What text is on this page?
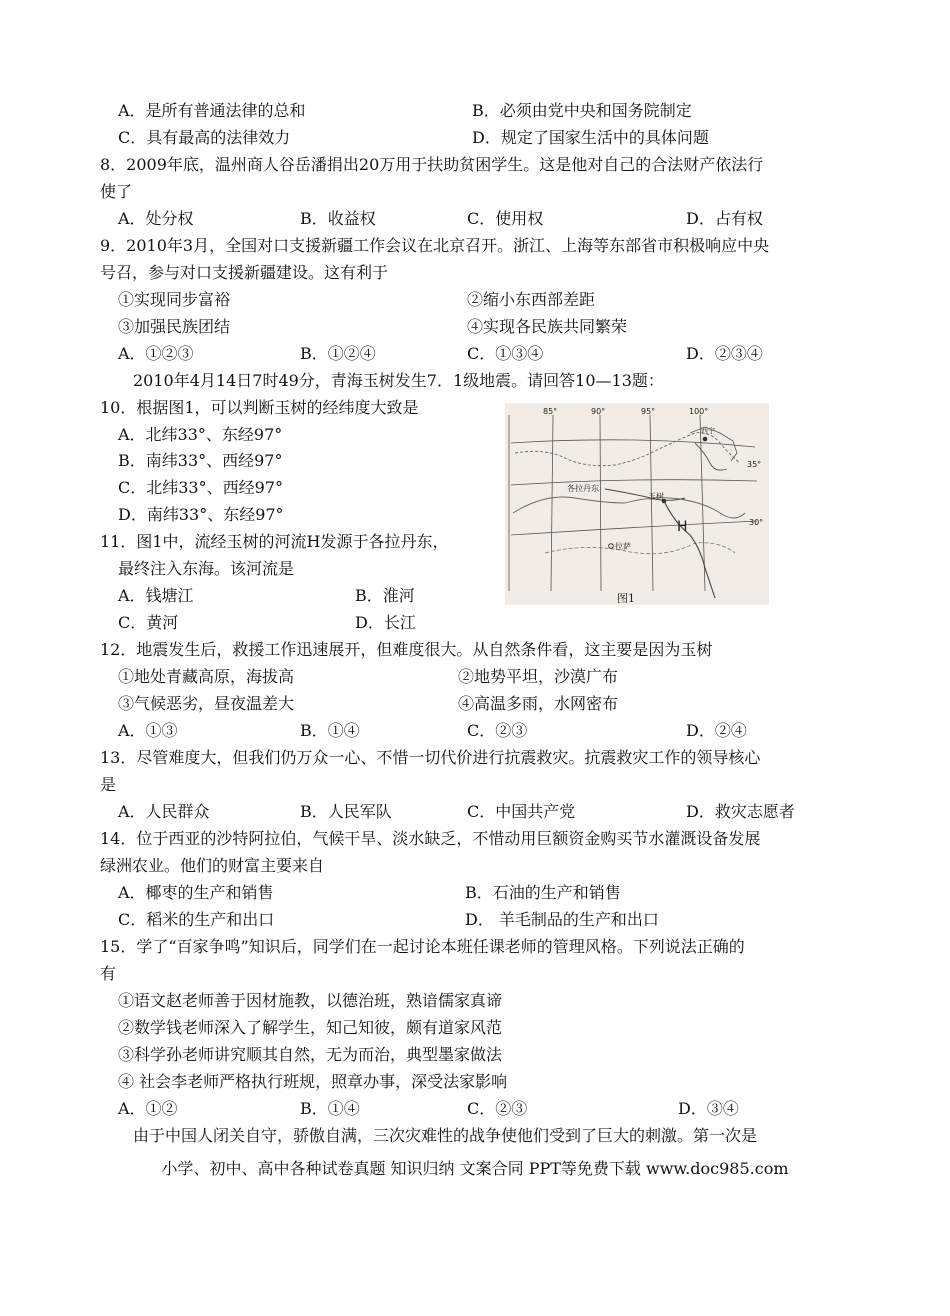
A．是所有普通法律的总和	B．必须由党中央和国务院制定
C．具有最高的法律效力	D．规定了国家生活中的具体问题
8．2009年底，温州商人谷岳潘捐出20万用于扶助贫困学生。这是他对自己的合法财产依法行
使了
A．处分权	B．收益权	C．使用权	D．占有权
9．2010年3月，全国对口支援新疆工作会议在北京召开。浙江、上海等东部省市积极响应中央
号召，参与对口支援新疆建设。这有利于
①实现同步富裕	②缩小东西部差距
③加强民族团结	④实现各民族共同繁荣
A．①②③	B．①②④	C．①③④	D．②③④
2010年4月14日7时49分，青海玉树发生7．1级地震。请回答10—13题：
10．根据图1，可以判断玉树的经纬度大致是
A．北纬33°、东经97°
B．南纬33°、西经97°
C．北纬33°、西经97°
D．南纬33°、东经97°
11．图1中，流经玉树的河流H发源于各拉丹东，
最终注入东海。该河流是
A．钱塘江	B．淮河
C．黄河	D．长江
85°	90°	95°	100°
35°
30°
西宁
各拉丹东
玉树
拉萨
H
图1
12．地震发生后，救援工作迅速展开，但难度很大。从自然条件看，这主要是因为玉树
①地处青藏高原，海拔高	②地势平坦，沙漠广布
③气候恶劣，昼夜温差大	④高温多雨，水网密布
A．①③	B．①④	C．②③	D．②④
13．尽管难度大，但我们仍万众一心、不惜一切代价进行抗震救灾。抗震救灾工作的领导核心
是
A．人民群众	B．人民军队	C．中国共产党	D．救灾志愿者
14．位于西亚的沙特阿拉伯，气候干旱、淡水缺乏，不惜动用巨额资金购买节水灌溉设备发展
绿洲农业。他们的财富主要来自
A．椰枣的生产和销售	B．石油的生产和销售
C．稻米的生产和出口	D． 羊毛制品的生产和出口
15．学了“百家争鸣”知识后，同学们在一起讨论本班任课老师的管理风格。下列说法正确的
有
①语文赵老师善于因材施教，以德治班，熟谙儒家真谛
②数学钱老师深入了解学生，知己知彼，颇有道家风范
③科学孙老师讲究顺其自然，无为而治，典型墨家做法
④ 社会李老师严格执行班规，照章办事，深受法家影响
A．①②	B．①④	C．②③	D．③④
由于中国人闭关自守，骄傲自满，三次灾难性的战争使他们受到了巨大的刺激。第一次是
小学、初中、高中各种试卷真题 知识归纳 文案合同 PPT等免费下载 www.doc985.com
